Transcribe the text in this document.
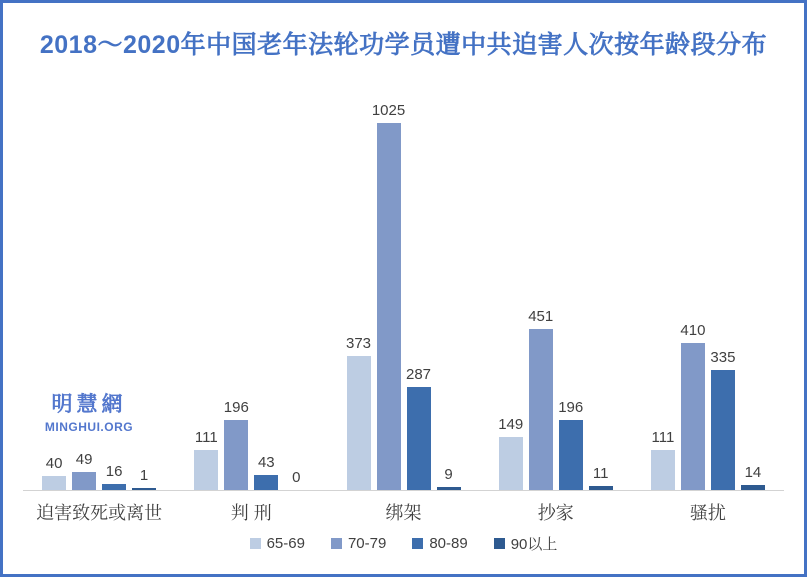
2018～2020年中国老年法轮功学员遭中共迫害人次按年龄段分布
40 49
16 1
111
196
43
0
373
1025
287
9
149
451
196
11
111
410
335
14
迫害致死或离世	判 刑	绑架	抄家	骚扰
65-69	70-79	80-89	90以上
明慧網
MINGHUI.ORG
